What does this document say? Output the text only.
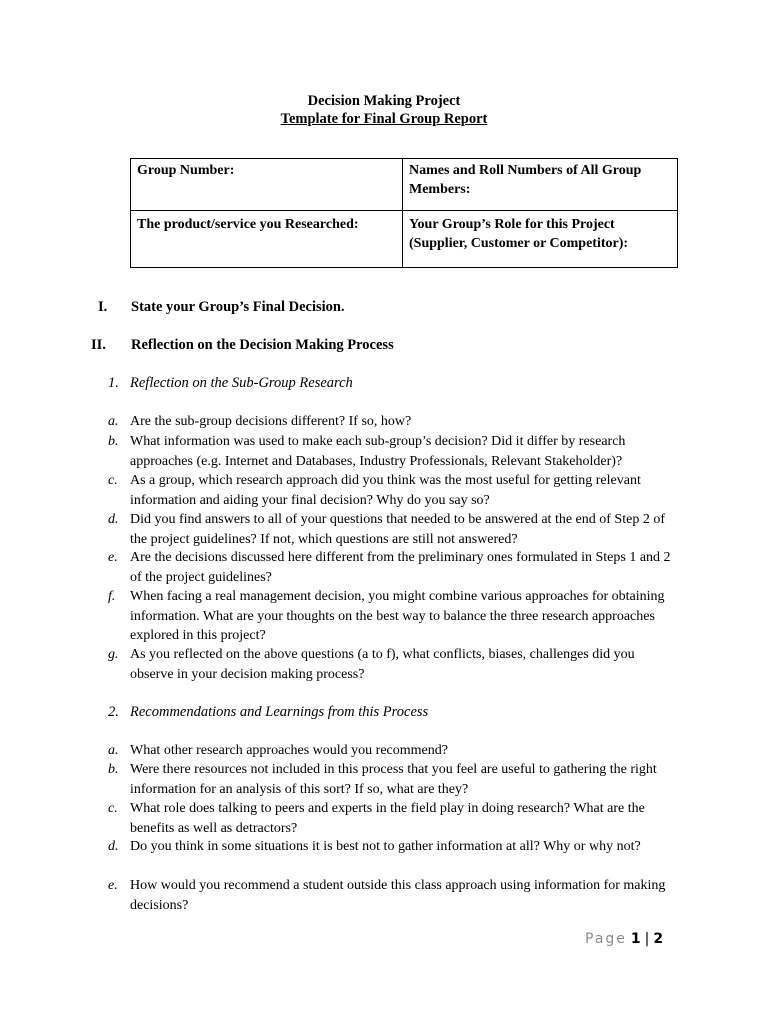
Decision Making Project
Template for Final Group Report
Group Number:	Names and Roll Numbers of All Group Members:
The product/service you Researched:	Your Group’s Role for this Project (Supplier, Customer or Competitor):
I. State your Group’s Final Decision.
II. Reflection on the Decision Making Process
1. Reflection on the Sub-Group Research
a. Are the sub-group decisions different? If so, how?
b. What information was used to make each sub-group’s decision? Did it differ by research approaches (e.g. Internet and Databases, Industry Professionals, Relevant Stakeholder)?
c. As a group, which research approach did you think was the most useful for getting relevant information and aiding your final decision? Why do you say so?
d. Did you find answers to all of your questions that needed to be answered at the end of Step 2 of the project guidelines? If not, which questions are still not answered?
e. Are the decisions discussed here different from the preliminary ones formulated in Steps 1 and 2 of the project guidelines?
f. When facing a real management decision, you might combine various approaches for obtaining information. What are your thoughts on the best way to balance the three research approaches explored in this project?
g. As you reflected on the above questions (a to f), what conflicts, biases, challenges did you observe in your decision making process?
2. Recommendations and Learnings from this Process
a. What other research approaches would you recommend?
b. Were there resources not included in this process that you feel are useful to gathering the right information for an analysis of this sort? If so, what are they?
c. What role does talking to peers and experts in the field play in doing research? What are the benefits as well as detractors?
d. Do you think in some situations it is best not to gather information at all? Why or why not?
e. How would you recommend a student outside this class approach using information for making decisions?
Page 1 | 2
